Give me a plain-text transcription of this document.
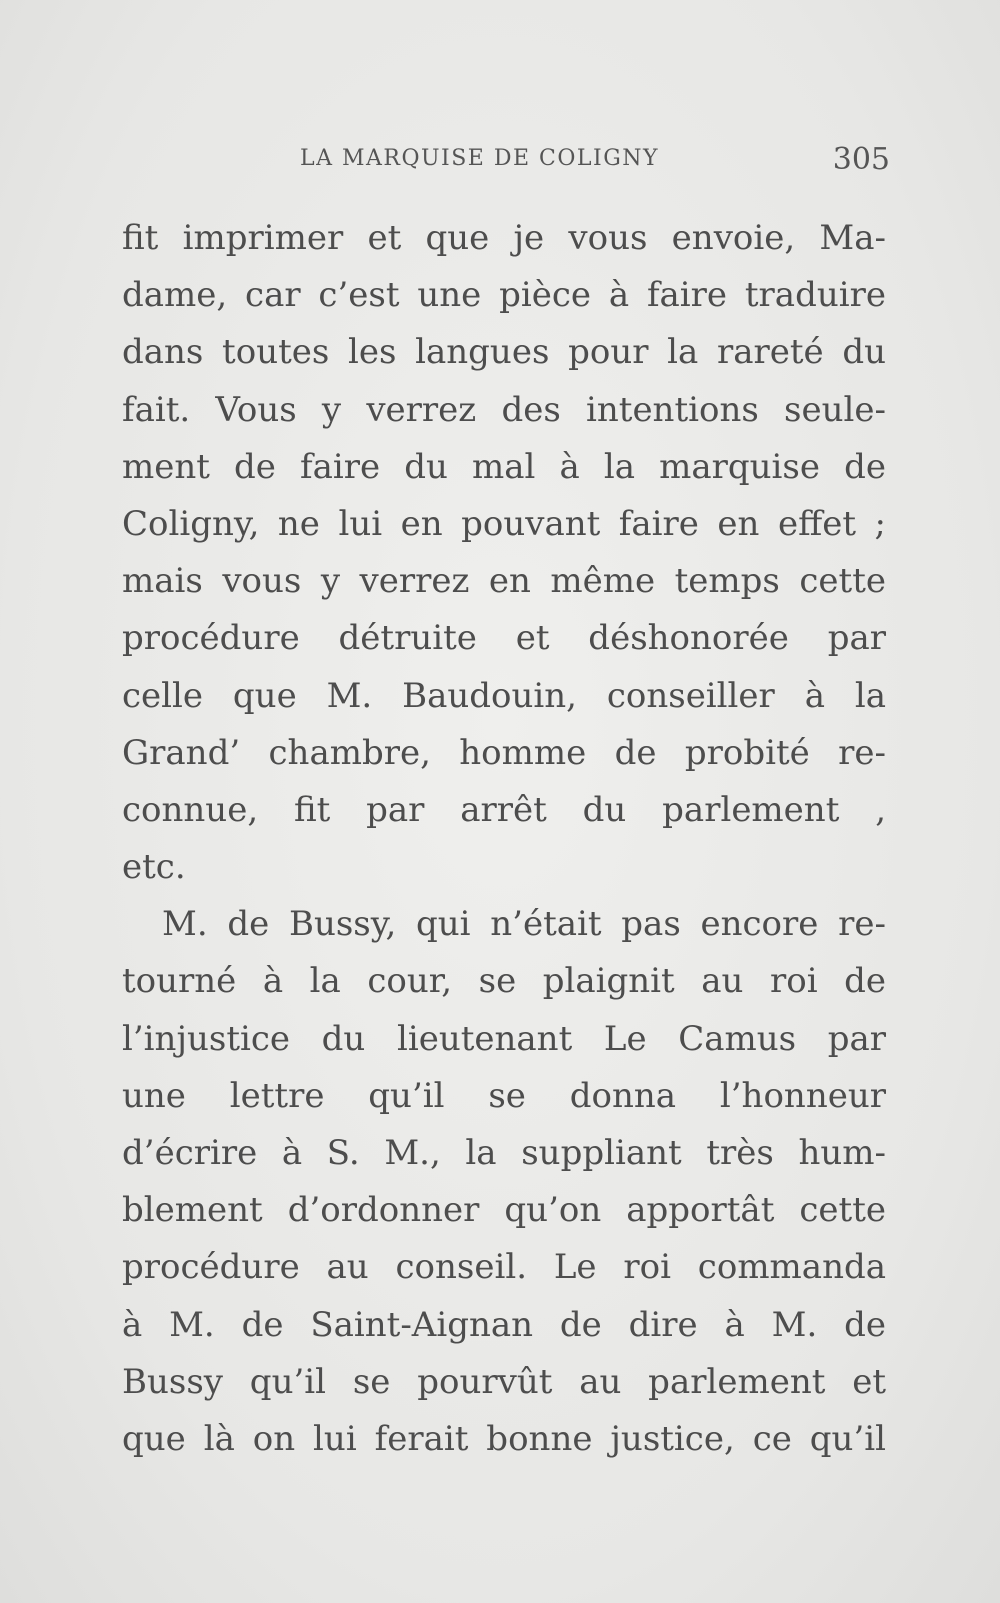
LA MARQUISE DE COLIGNY	305
fit imprimer et que je vous envoie, Ma-
dame, car c’est une pièce à faire traduire
dans toutes les langues pour la rareté du
fait. Vous y verrez des intentions seule-
ment de faire du mal à la marquise de
Coligny, ne lui en pouvant faire en effet ;
mais vous y verrez en même temps cette
procédure détruite et déshonorée par
celle que M. Baudouin, conseiller à la
Grand’ chambre, homme de probité re-
connue, fit par arrêt du parlement ,
etc.
M. de Bussy, qui n’était pas encore re-
tourné à la cour, se plaignit au roi de
l’injustice du lieutenant Le Camus par
une lettre qu’il se donna l’honneur
d’écrire à S. M., la suppliant très hum-
blement d’ordonner qu’on apportât cette
procédure au conseil. Le roi commanda
à M. de Saint-Aignan de dire à M. de
Bussy qu’il se pourvût au parlement et
que là on lui ferait bonne justice, ce qu’il
